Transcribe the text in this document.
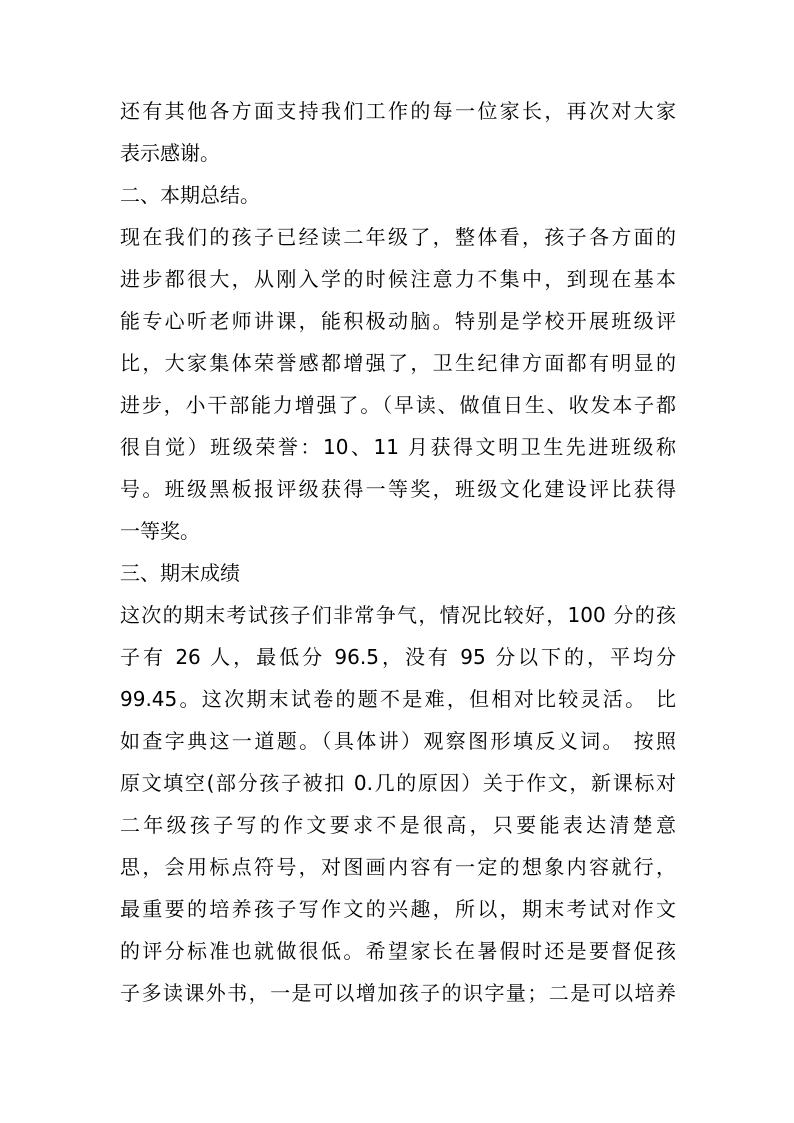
还有其他各方面支持我们工作的每一位家长，再次对大家
表示感谢。
二、本期总结。
现在我们的孩子已经读二年级了，整体看，孩子各方面的
进步都很大，从刚入学的时候注意力不集中，到现在基本
能专心听老师讲课，能积极动脑。特别是学校开展班级评
比，大家集体荣誉感都增强了，卫生纪律方面都有明显的
进步，小干部能力增强了。（早读、做值日生、收发本子都
很自觉）班级荣誉：10、11 月获得文明卫生先进班级称
号。班级黑板报评级获得一等奖，班级文化建设评比获得
一等奖。
三、期末成绩
这次的期末考试孩子们非常争气，情况比较好，100 分的孩
子有 26 人，最低分 96.5，没有 95 分以下的，平均分
99.45。这次期末试卷的题不是难，但相对比较灵活。 比
如查字典这一道题。（具体讲）观察图形填反义词。 按照
原文填空(部分孩子被扣 0.几的原因）关于作文，新课标对
二年级孩子写的作文要求不是很高，只要能表达清楚意
思，会用标点符号，对图画内容有一定的想象内容就行，
最重要的培养孩子写作文的兴趣，所以，期末考试对作文
的评分标准也就做很低。希望家长在暑假时还是要督促孩
子多读课外书，一是可以增加孩子的识字量；二是可以培养
